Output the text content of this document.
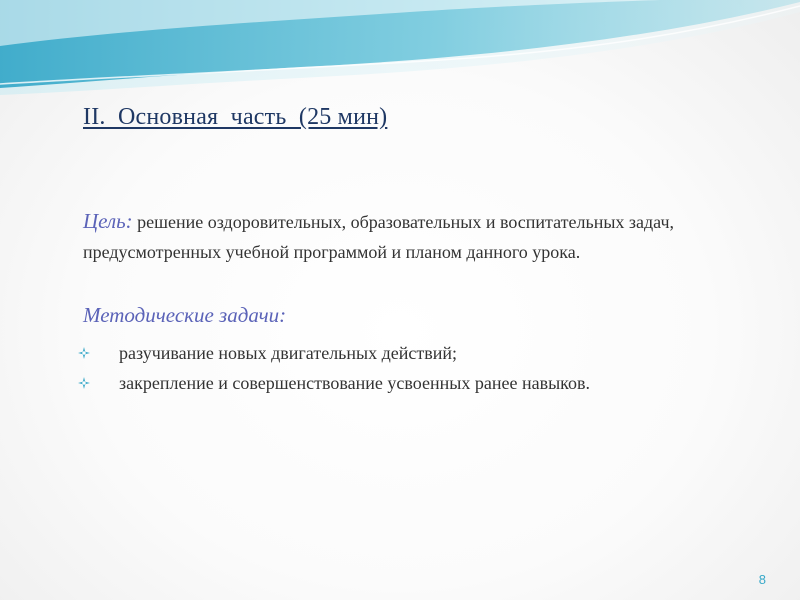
II.  Основная  часть  (25 мин)
Цель: решение оздоровительных, образовательных и воспитательных задач, предусмотренных учебной программой и планом данного урока.
Методические задачи:
разучивание новых двигательных действий;
закрепление и совершенствование усвоенных ранее навыков.
8
